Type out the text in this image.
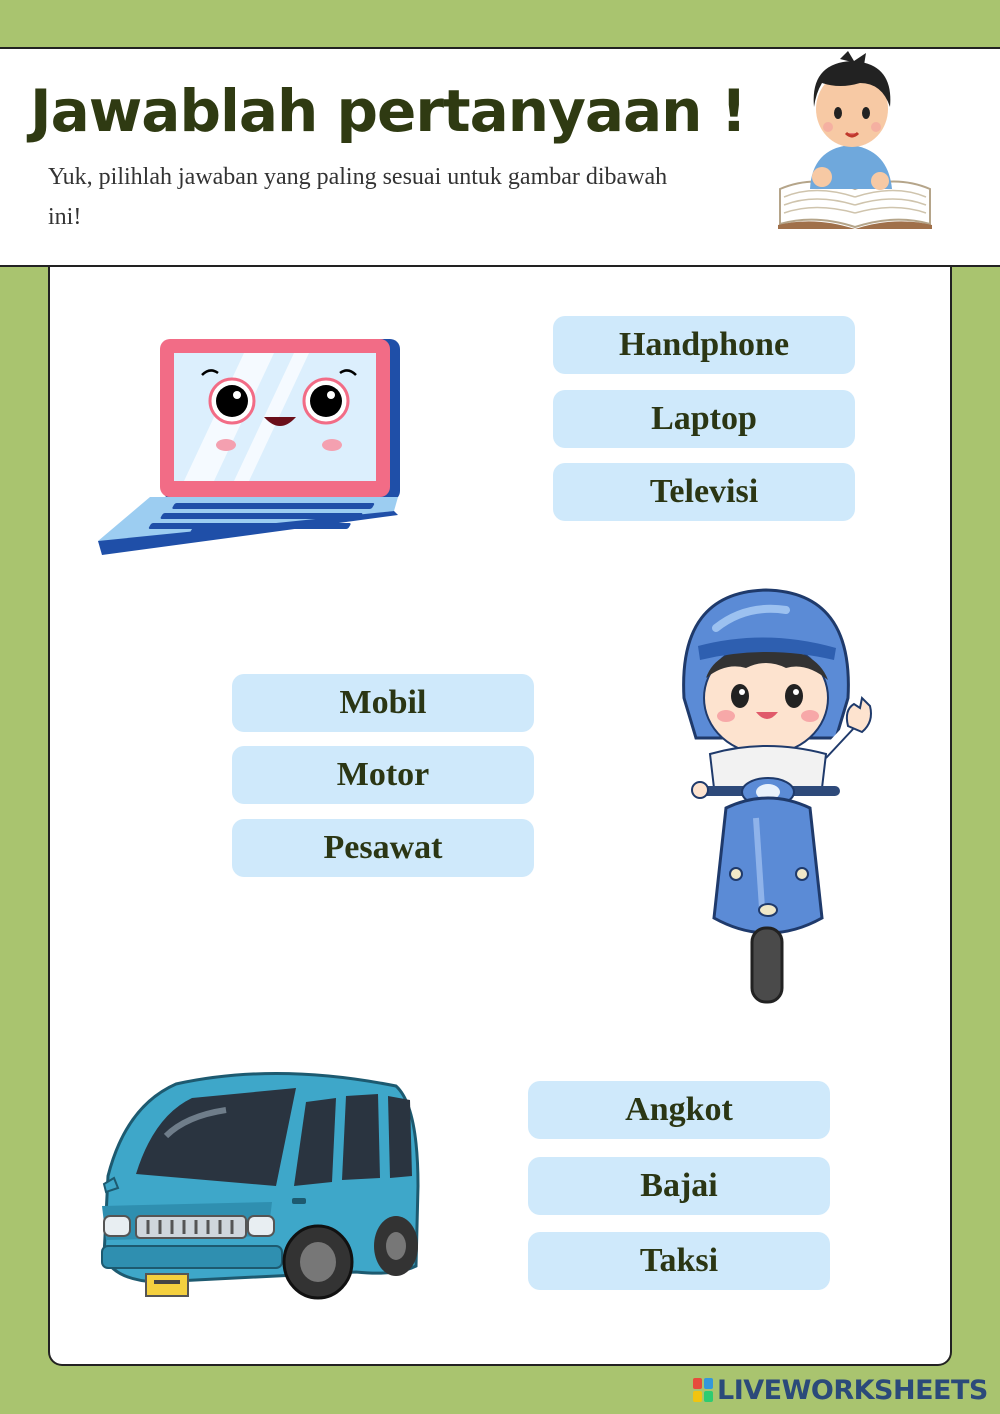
Jawablah pertanyaan !
Yuk, pilihlah jawaban yang paling sesuai untuk gambar dibawah ini!
Handphone
Laptop
Televisi
Mobil
Motor
Pesawat
Angkot
Bajai
Taksi
LIVEWORKSHEETS
